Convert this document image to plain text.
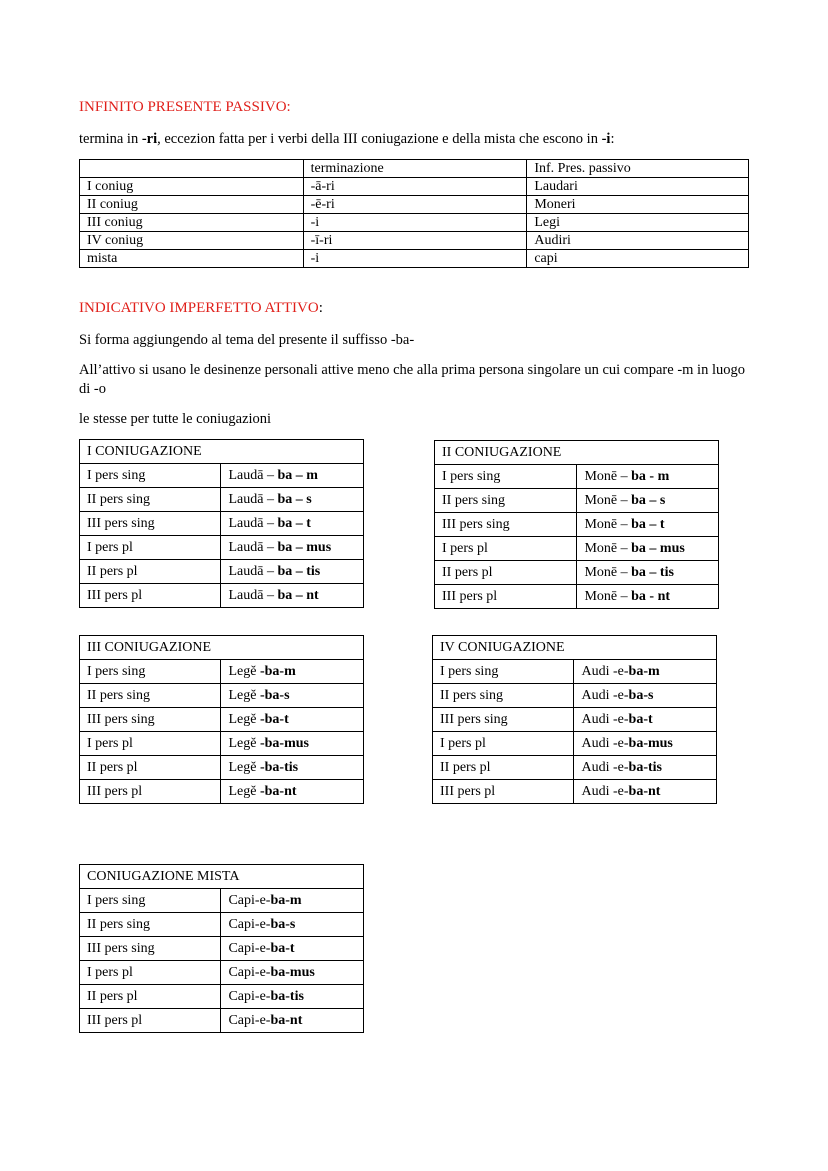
INFINITO PRESENTE PASSIVO:
termina in -ri, eccezion fatta per i verbi della III coniugazione e della mista che escono in -i:
	terminazione	Inf. Pres. passivo
I coniug	-ā-ri	Laudari
II coniug	-ē-ri	Moneri
III coniug	-i	Legi
IV coniug	-ī-ri	Audiri
mista	-i	capi
INDICATIVO IMPERFETTO ATTIVO:
Si forma aggiungendo al tema del presente il suffisso -ba-
All’attivo si usano le desinenze personali attive meno che alla prima persona singolare un cui compare -m in luogo di -o
le stesse per tutte le coniugazioni
I CONIUGAZIONE	
I pers sing	Laudā – ba – m
II pers sing	Laudā – ba – s
III pers sing	Laudā – ba – t
I pers pl	Laudā – ba – mus
II pers pl	Laudā – ba – tis
III pers pl	Laudā – ba – nt
II CONIUGAZIONE	
I pers sing	Monē – ba - m
II pers sing	Monē – ba – s
III pers sing	Monē – ba – t
I pers pl	Monē – ba – mus
II pers pl	Monē – ba – tis
III pers pl	Monē – ba - nt
III CONIUGAZIONE	
I pers sing	Legĕ -ba-m
II pers sing	Legĕ -ba-s
III pers sing	Legĕ -ba-t
I pers pl	Legĕ -ba-mus
II pers pl	Legĕ -ba-tis
III pers pl	Legĕ -ba-nt
IV CONIUGAZIONE	
I pers sing	Audi -e-ba-m
II pers sing	Audi -e-ba-s
III pers sing	Audi -e-ba-t
I pers pl	Audi -e-ba-mus
II pers pl	Audi -e-ba-tis
III pers pl	Audi -e-ba-nt
CONIUGAZIONE MISTA	
I pers sing	Capi-e-ba-m
II pers sing	Capi-e-ba-s
III pers sing	Capi-e-ba-t
I pers pl	Capi-e-ba-mus
II pers pl	Capi-e-ba-tis
III pers pl	Capi-e-ba-nt
